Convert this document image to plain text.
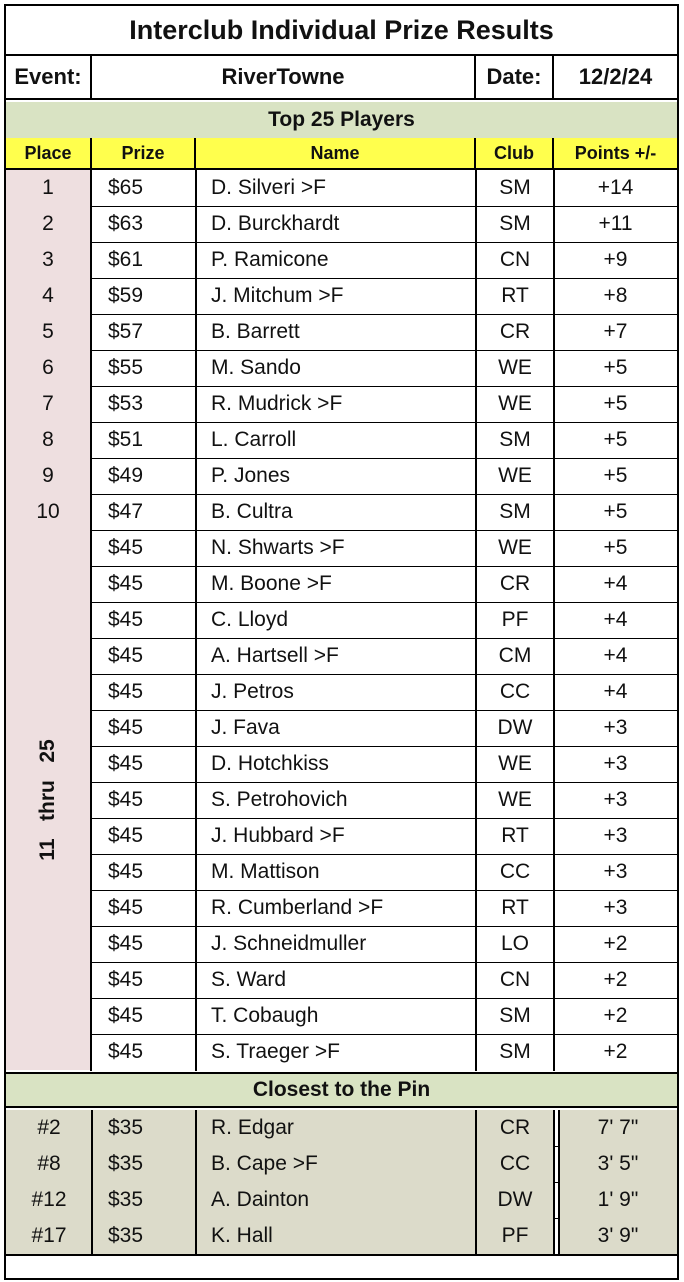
Interclub Individual Prize Results
Event:	RiverTowne	Date:	12/2/24
Top 25 Players
Place	Prize	Name	Club	Points +/-
1	$65	D. Silveri >F	SM	+14
2	$63	D. Burckhardt	SM	+11
3	$61	P. Ramicone	CN	+9
4	$59	J. Mitchum >F	RT	+8
5	$57	B. Barrett	CR	+7
6	$55	M. Sando	WE	+5
7	$53	R. Mudrick >F	WE	+5
8	$51	L. Carroll	SM	+5
9	$49	P. Jones	WE	+5
10	$47	B. Cultra	SM	+5
$45	N. Shwarts >F	WE	+5
$45	M. Boone >F	CR	+4
$45	C. Lloyd	PF	+4
$45	A. Hartsell >F	CM	+4
$45	J. Petros	CC	+4
$45	J. Fava	DW	+3
$45	D. Hotchkiss	WE	+3
$45	S. Petrohovich	WE	+3
$45	J. Hubbard >F	RT	+3
$45	M. Mattison	CC	+3
$45	R. Cumberland >F	RT	+3
$45	J. Schneidmuller	LO	+2
$45	S. Ward	CN	+2
$45	T. Cobaugh	SM	+2
$45	S. Traeger >F	SM	+2
11   thru   25
Closest to the Pin
#2	$35	R. Edgar	CR	7' 7"
#8	$35	B. Cape >F	CC	3' 5"
#12	$35	A. Dainton	DW	1' 9"
#17	$35	K. Hall	PF	3' 9"
